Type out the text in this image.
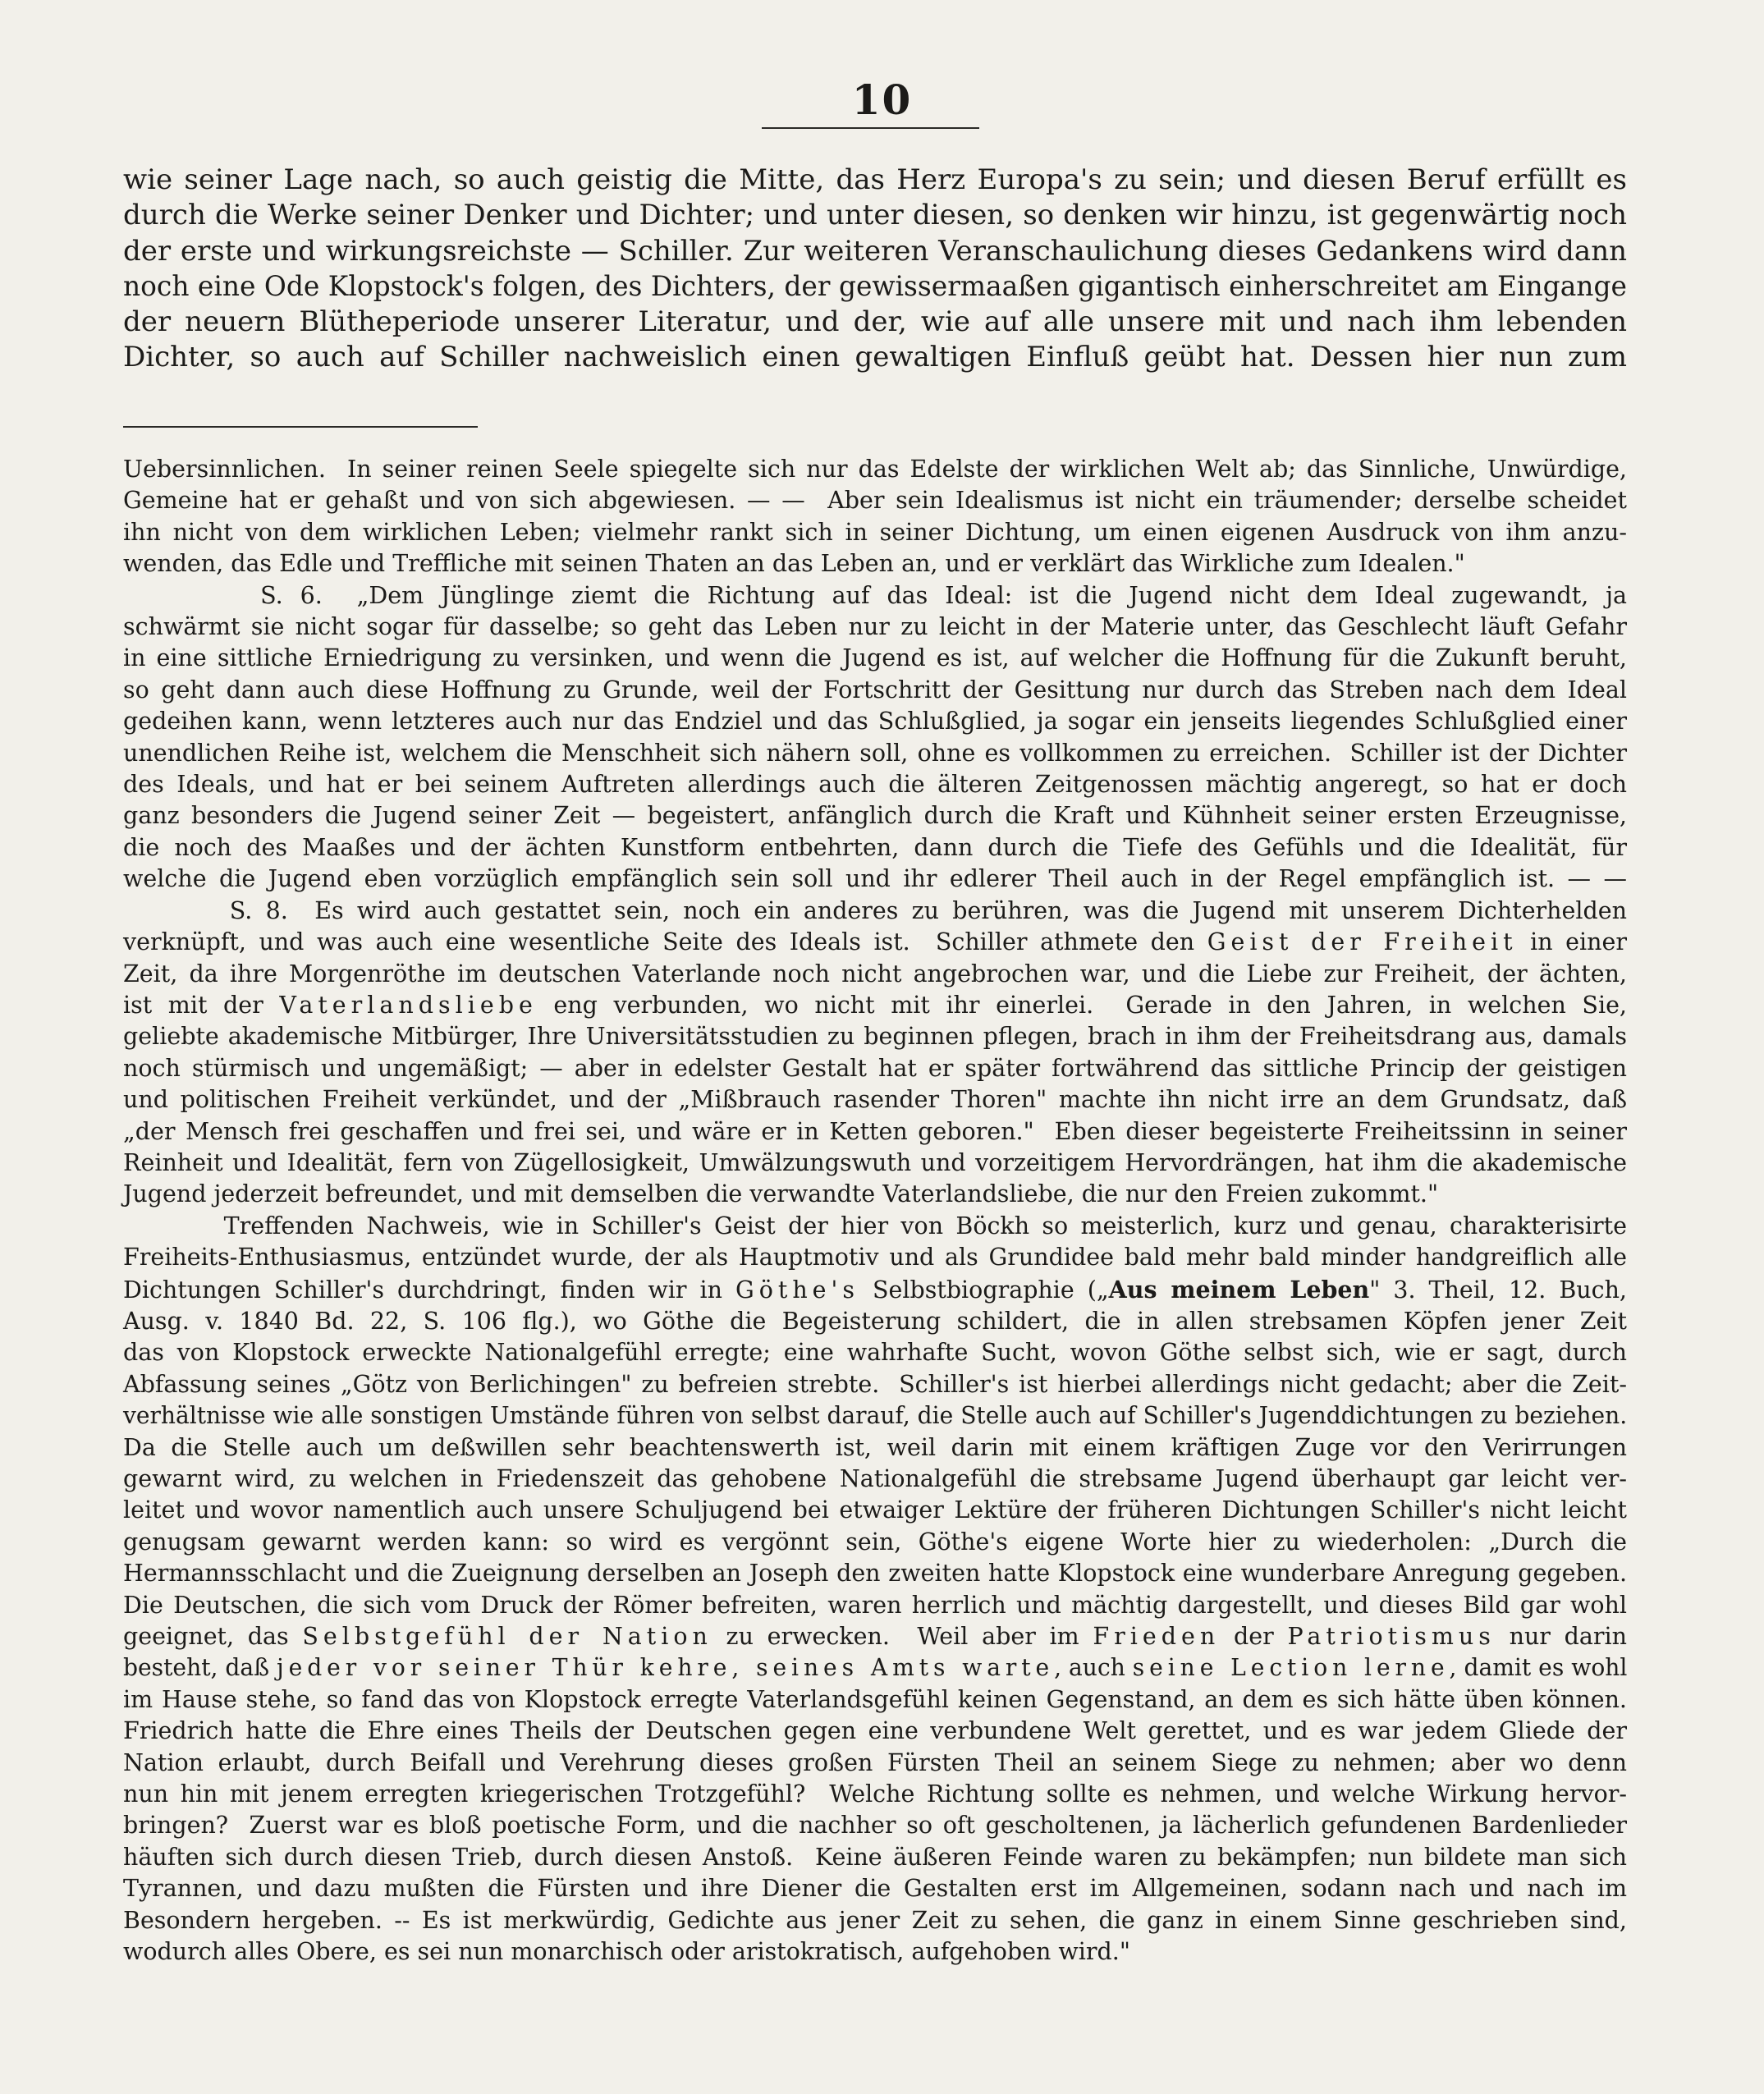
10
wie seiner Lage nach, so auch geistig die Mitte, das Herz Europa's zu sein; und diesen Beruf erfüllt es
durch die Werke seiner Denker und Dichter; und unter diesen, so denken wir hinzu, ist gegenwärtig noch
der erste und wirkungsreichste — Schiller. Zur weiteren Veranschaulichung dieses Gedankens wird dann
noch eine Ode Klopstock's folgen, des Dichters, der gewissermaaßen gigantisch einherschreitet am Eingange
der neuern Blütheperiode unserer Literatur, und der, wie auf alle unsere mit und nach ihm lebenden
Dichter, so auch auf Schiller nachweislich einen gewaltigen Einfluß geübt hat. Dessen hier nun zum
Uebersinnlichen.  In seiner reinen Seele spiegelte sich nur das Edelste der wirklichen Welt ab; das Sinnliche, Unwürdige,
Gemeine hat er gehaßt und von sich abgewiesen. — —  Aber sein Idealismus ist nicht ein träumender; derselbe scheidet
ihn nicht von dem wirklichen Leben; vielmehr rankt sich in seiner Dichtung, um einen eigenen Ausdruck von ihm anzu-
wenden, das Edle und Treffliche mit seinen Thaten an das Leben an, und er verklärt das Wirkliche zum Idealen."
S. 6.  „Dem Jünglinge ziemt die Richtung auf das Ideal: ist die Jugend nicht dem Ideal zugewandt, ja
schwärmt sie nicht sogar für dasselbe; so geht das Leben nur zu leicht in der Materie unter, das Geschlecht läuft Gefahr
in eine sittliche Erniedrigung zu versinken, und wenn die Jugend es ist, auf welcher die Hoffnung für die Zukunft beruht,
so geht dann auch diese Hoffnung zu Grunde, weil der Fortschritt der Gesittung nur durch das Streben nach dem Ideal
gedeihen kann, wenn letzteres auch nur das Endziel und das Schlußglied, ja sogar ein jenseits liegendes Schlußglied einer
unendlichen Reihe ist, welchem die Menschheit sich nähern soll, ohne es vollkommen zu erreichen.  Schiller ist der Dichter
des Ideals, und hat er bei seinem Auftreten allerdings auch die älteren Zeitgenossen mächtig angeregt, so hat er doch
ganz besonders die Jugend seiner Zeit — begeistert, anfänglich durch die Kraft und Kühnheit seiner ersten Erzeugnisse,
die noch des Maaßes und der ächten Kunstform entbehrten, dann durch die Tiefe des Gefühls und die Idealität, für
welche die Jugend eben vorzüglich empfänglich sein soll und ihr edlerer Theil auch in der Regel empfänglich ist. — —
S. 8.  Es wird auch gestattet sein, noch ein anderes zu berühren, was die Jugend mit unserem Dichterhelden
verknüpft, und was auch eine wesentliche Seite des Ideals ist.  Schiller athmete den Geist der Freiheit in einer
Zeit, da ihre Morgenröthe im deutschen Vaterlande noch nicht angebrochen war, und die Liebe zur Freiheit, der ächten,
ist mit der Vaterlandsliebe eng verbunden, wo nicht mit ihr einerlei.  Gerade in den Jahren, in welchen Sie,
geliebte akademische Mitbürger, Ihre Universitätsstudien zu beginnen pflegen, brach in ihm der Freiheitsdrang aus, damals
noch stürmisch und ungemäßigt; — aber in edelster Gestalt hat er später fortwährend das sittliche Princip der geistigen
und politischen Freiheit verkündet, und der „Mißbrauch rasender Thoren" machte ihn nicht irre an dem Grundsatz, daß
„der Mensch frei geschaffen und frei sei, und wäre er in Ketten geboren."  Eben dieser begeisterte Freiheitssinn in seiner
Reinheit und Idealität, fern von Zügellosigkeit, Umwälzungswuth und vorzeitigem Hervordrängen, hat ihm die akademische
Jugend jederzeit befreundet, und mit demselben die verwandte Vaterlandsliebe, die nur den Freien zukommt."
Treffenden Nachweis, wie in Schiller's Geist der hier von Böckh so meisterlich, kurz und genau, charakterisirte
Freiheits-Enthusiasmus, entzündet wurde, der als Hauptmotiv und als Grundidee bald mehr bald minder handgreiflich alle
Dichtungen Schiller's durchdringt, finden wir in Göthe's Selbstbiographie („Aus meinem Leben" 3. Theil, 12. Buch,
Ausg. v. 1840 Bd. 22, S. 106 flg.), wo Göthe die Begeisterung schildert, die in allen strebsamen Köpfen jener Zeit
das von Klopstock erweckte Nationalgefühl erregte; eine wahrhafte Sucht, wovon Göthe selbst sich, wie er sagt, durch
Abfassung seines „Götz von Berlichingen" zu befreien strebte.  Schiller's ist hierbei allerdings nicht gedacht; aber die Zeit-
verhältnisse wie alle sonstigen Umstände führen von selbst darauf, die Stelle auch auf Schiller's Jugenddichtungen zu beziehen.
Da die Stelle auch um deßwillen sehr beachtenswerth ist, weil darin mit einem kräftigen Zuge vor den Verirrungen
gewarnt wird, zu welchen in Friedenszeit das gehobene Nationalgefühl die strebsame Jugend überhaupt gar leicht ver-
leitet und wovor namentlich auch unsere Schuljugend bei etwaiger Lektüre der früheren Dichtungen Schiller's nicht leicht
genugsam gewarnt werden kann: so wird es vergönnt sein, Göthe's eigene Worte hier zu wiederholen: „Durch die
Hermannsschlacht und die Zueignung derselben an Joseph den zweiten hatte Klopstock eine wunderbare Anregung gegeben.
Die Deutschen, die sich vom Druck der Römer befreiten, waren herrlich und mächtig dargestellt, und dieses Bild gar wohl
geeignet, das Selbstgefühl der Nation zu erwecken.  Weil aber im Frieden der Patriotismus nur darin
besteht, daß jeder vor seiner Thür kehre, seines Amts warte, auch seine Lection lerne, damit es wohl
im Hause stehe, so fand das von Klopstock erregte Vaterlandsgefühl keinen Gegenstand, an dem es sich hätte üben können.
Friedrich hatte die Ehre eines Theils der Deutschen gegen eine verbundene Welt gerettet, und es war jedem Gliede der
Nation erlaubt, durch Beifall und Verehrung dieses großen Fürsten Theil an seinem Siege zu nehmen; aber wo denn
nun hin mit jenem erregten kriegerischen Trotzgefühl?  Welche Richtung sollte es nehmen, und welche Wirkung hervor-
bringen?  Zuerst war es bloß poetische Form, und die nachher so oft gescholtenen, ja lächerlich gefundenen Bardenlieder
häuften sich durch diesen Trieb, durch diesen Anstoß.  Keine äußeren Feinde waren zu bekämpfen; nun bildete man sich
Tyrannen, und dazu mußten die Fürsten und ihre Diener die Gestalten erst im Allgemeinen, sodann nach und nach im
Besondern hergeben. -- Es ist merkwürdig, Gedichte aus jener Zeit zu sehen, die ganz in einem Sinne geschrieben sind,
wodurch alles Obere, es sei nun monarchisch oder aristokratisch, aufgehoben wird."
